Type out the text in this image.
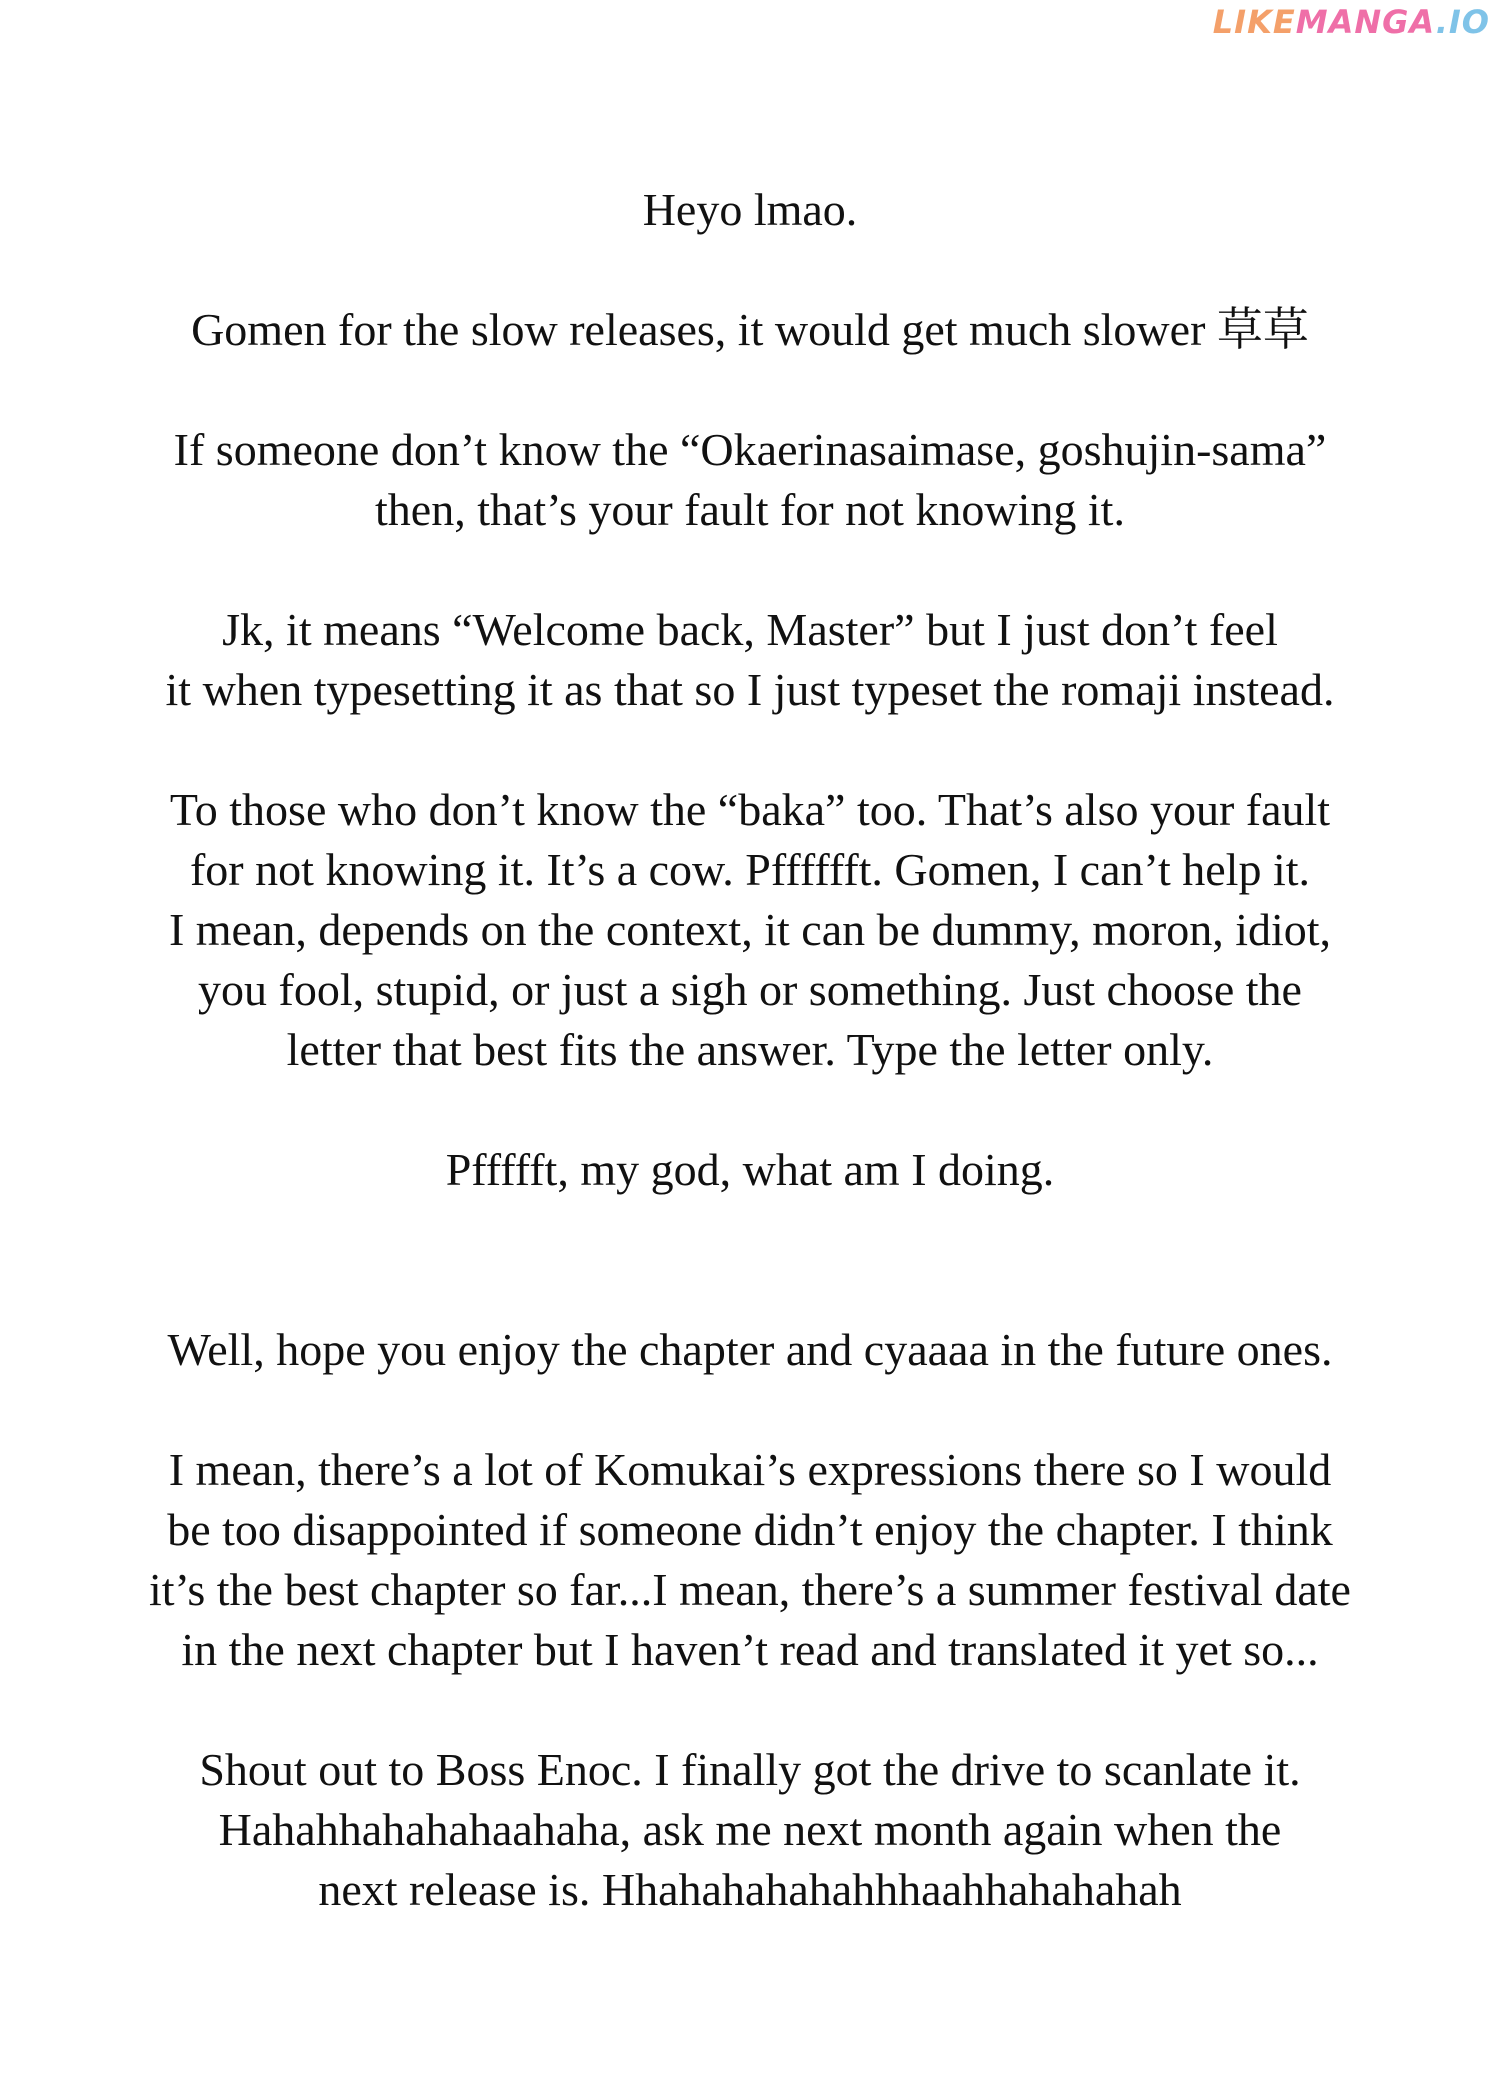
LIKEMANGA.IO
Heyo lmao.
Gomen for the slow releases, it would get much slower 草草
If someone don’t know the “Okaerinasaimase, goshujin-sama”
then, that’s your fault for not knowing it.
Jk, it means “Welcome back, Master” but I just don’t feel
it when typesetting it as that so I just typeset the romaji instead.
To those who don’t know the “baka” too. That’s also your fault
for not knowing it. It’s a cow. Pfffffft. Gomen, I can’t help it.
I mean, depends on the context, it can be dummy, moron, idiot,
you fool, stupid, or just a sigh or something. Just choose the
letter that best fits the answer. Type the letter only.
Pffffft, my god, what am I doing.
Well, hope you enjoy the chapter and cyaaaa in the future ones.
I mean, there’s a lot of Komukai’s expressions there so I would
be too disappointed if someone didn’t enjoy the chapter. I think
it’s the best chapter so far...I mean, there’s a summer festival date
in the next chapter but I haven’t read and translated it yet so...
Shout out to Boss Enoc. I finally got the drive to scanlate it.
Hahahhahahahaahaha, ask me next month again when the
next release is. Hhahahahahahhhaahhahahahah
